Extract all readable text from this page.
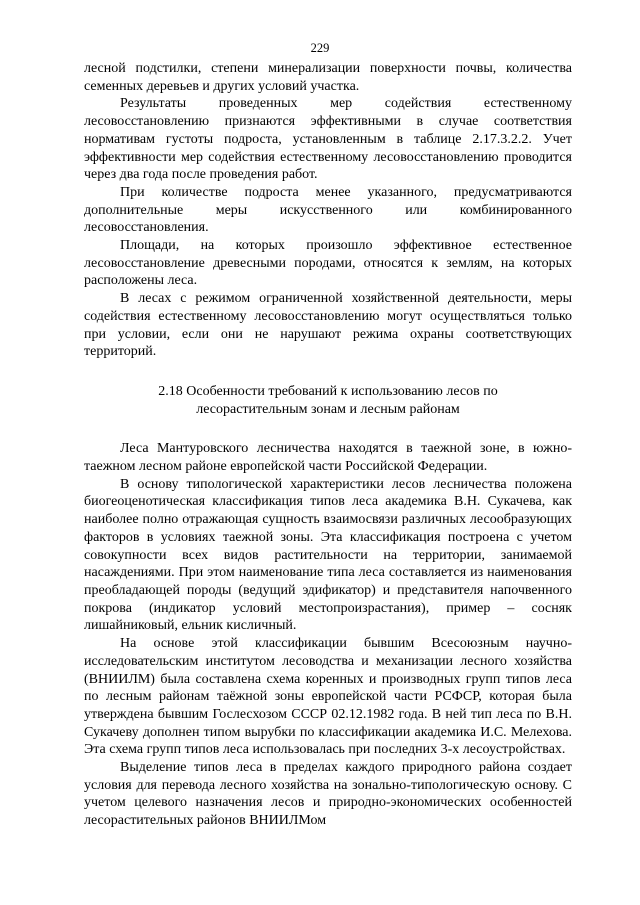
229

лесной подстилки, степени минерализации поверхности почвы, количества семенных деревьев и других условий участка.

Результаты проведенных мер содействия естественному лесовосстановлению признаются эффективными в случае соответствия нормативам густоты подроста, установленным в таблице 2.17.3.2.2. Учет эффективности мер содействия естественному лесовосстановлению проводится через два года после проведения работ.

При количестве подроста менее указанного, предусматриваются дополнительные меры искусственного или комбинированного лесовосстановления.

Площади, на которых произошло эффективное естественное лесовосстановление древесными породами, относятся к землям, на которых расположены леса.

В лесах с режимом ограниченной хозяйственной деятельности, меры содействия естественному лесовосстановлению могут осуществляться только при условии, если они не нарушают режима охраны соответствующих территорий.

2.18 Особенности требований к использованию лесов по
лесорастительным зонам и лесным районам

Леса Мантуровского лесничества находятся в таежной зоне, в южно-таежном лесном районе европейской части Российской Федерации.

В основу типологической характеристики лесов лесничества положена биогеоценотическая классификация типов леса академика В.Н. Сукачева, как наиболее полно отражающая сущность взаимосвязи различных лесообразующих факторов в условиях таежной зоны. Эта классификация построена с учетом совокупности всех видов растительности на территории, занимаемой насаждениями. При этом наименование типа леса составляется из наименования преобладающей породы (ведущий эдификатор) и представителя напочвенного покрова (индикатор условий местопроизрастания), пример – сосняк лишайниковый, ельник кисличный.

На основе этой классификации бывшим Всесоюзным научно-исследовательским институтом лесоводства и механизации лесного хозяйства (ВНИИЛМ) была составлена схема коренных и производных групп типов леса по лесным районам таёжной зоны европейской части РСФСР, которая была утверждена бывшим Гослесхозом СССР 02.12.1982 года. В ней тип леса по В.Н. Сукачеву дополнен типом вырубки по классификации академика И.С. Мелехова. Эта схема групп типов леса использовалась при последних 3-х лесоустройствах.

Выделение типов леса в пределах каждого природного района создает условия для перевода лесного хозяйства на зонально-типологическую основу. С учетом целевого назначения лесов и природно-экономических особенностей лесорастительных районов ВНИИЛМом
